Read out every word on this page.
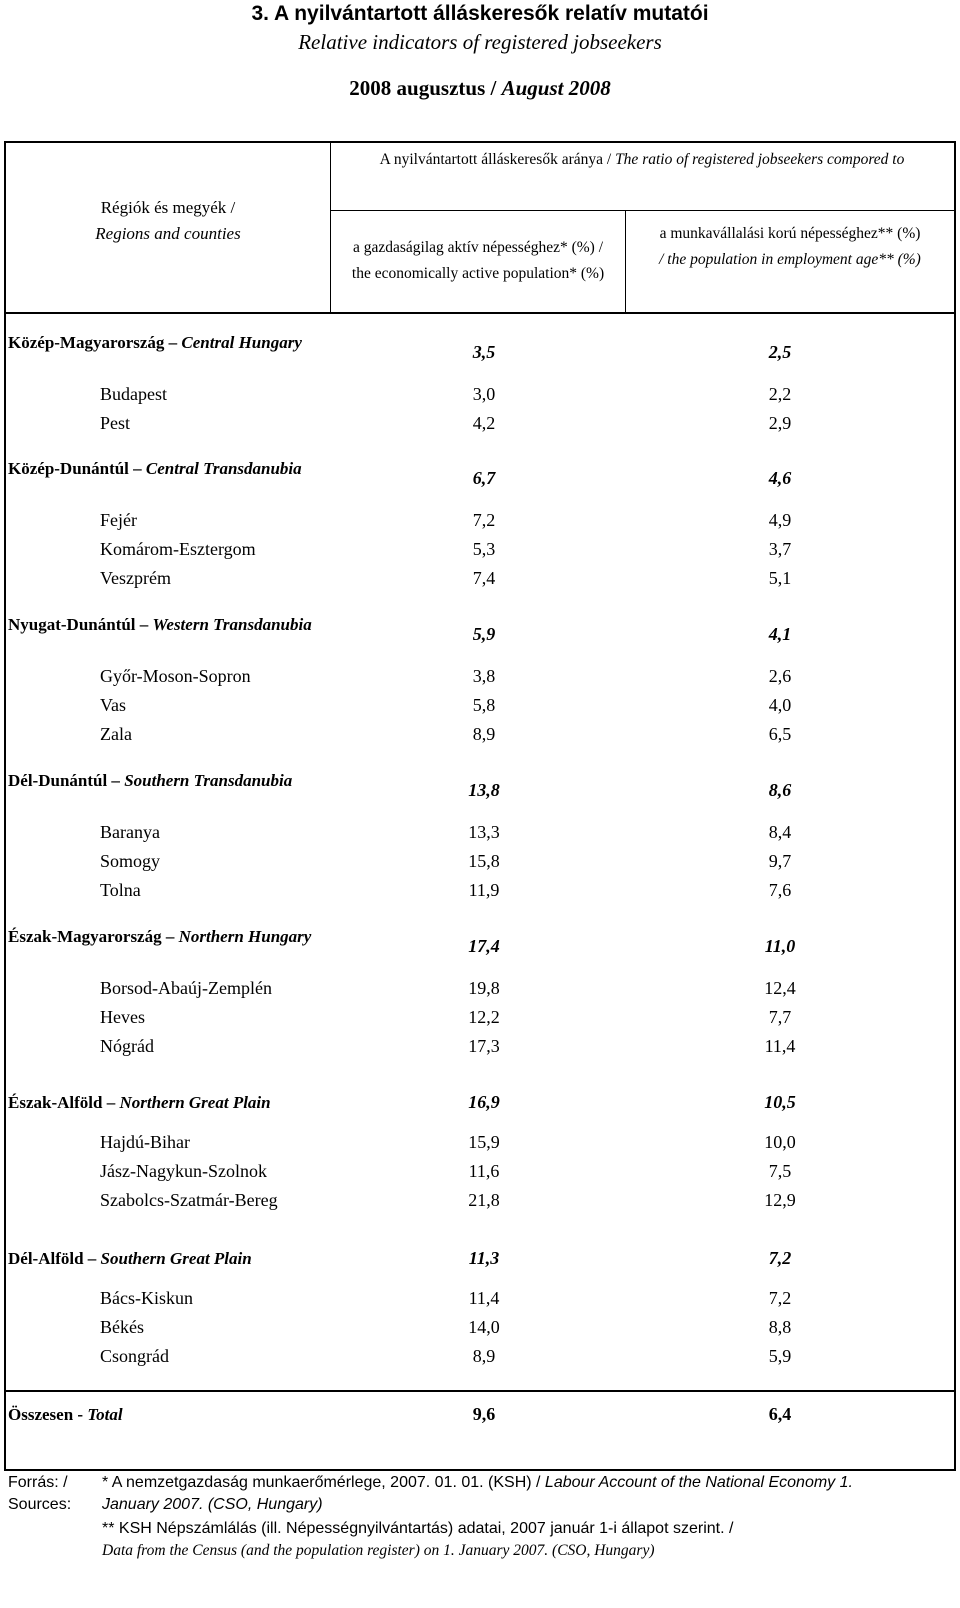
3. A nyilvántartott álláskeresők relatív mutatói
Relative indicators of registered jobseekers
2008 augusztus / August 2008
Régiók és megyék /
Regions and counties
A nyilvántartott álláskeresők aránya / The ratio of registered jobseekers compored to
a gazdaságilag aktív népességhez* (%) /
the economically active population* (%)
a munkavállalási korú népességhez** (%)
/ the population in employment age** (%)
Közép-Magyarország – Central Hungary	3,5	2,5
Budapest	3,0	2,2
Pest	4,2	2,9
Közép-Dunántúl – Central Transdanubia	6,7	4,6
Fejér	7,2	4,9
Komárom-Esztergom	5,3	3,7
Veszprém	7,4	5,1
Nyugat-Dunántúl – Western Transdanubia	5,9	4,1
Győr-Moson-Sopron	3,8	2,6
Vas	5,8	4,0
Zala	8,9	6,5
Dél-Dunántúl – Southern Transdanubia	13,8	8,6
Baranya	13,3	8,4
Somogy	15,8	9,7
Tolna	11,9	7,6
Észak-Magyarország – Northern Hungary	17,4	11,0
Borsod-Abaúj-Zemplén	19,8	12,4
Heves	12,2	7,7
Nógrád	17,3	11,4
Észak-Alföld – Northern Great Plain	16,9	10,5
Hajdú-Bihar	15,9	10,0
Jász-Nagykun-Szolnok	11,6	7,5
Szabolcs-Szatmár-Bereg	21,8	12,9
Dél-Alföld – Southern Great Plain	11,3	7,2
Bács-Kiskun	11,4	7,2
Békés	14,0	8,8
Csongrád	8,9	5,9
Összesen - Total	9,6	6,4
Forrás: /
Sources:
* A nemzetgazdaság munkaerőmérlege, 2007. 01. 01. (KSH) / Labour Account of the National Economy 1. January 2007. (CSO, Hungary)
** KSH Népszámlálás (ill. Népességnyilvántartás) adatai, 2007 január 1-i állapot szerint. /
Data from the Census (and the population register) on 1. January 2007. (CSO, Hungary)
